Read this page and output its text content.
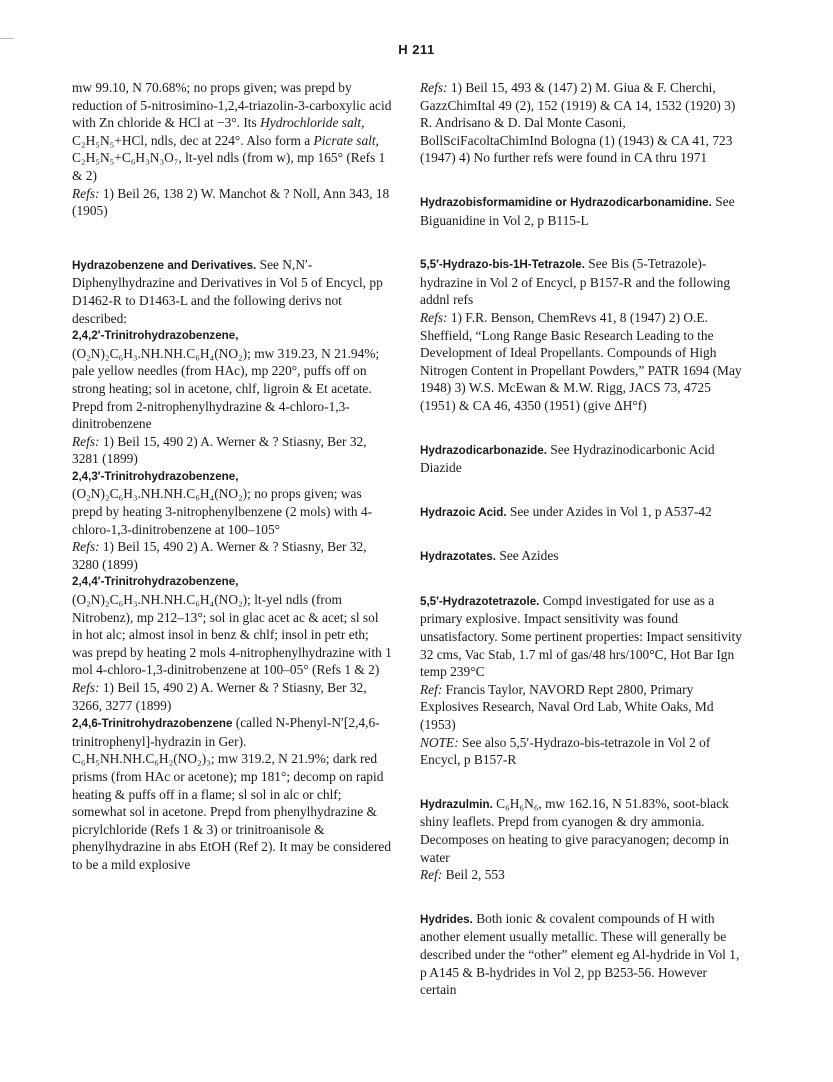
H 211

mw 99.10, N 70.68%; no props given; was prepd by reduction of 5-nitrosimino-1,2,4-triazolin-3-carboxylic acid with Zn chloride & HCl at −3°. Its Hydrochloride salt, C₂H₅N₅+HCl, ndls, dec at 224°. Also form a Picrate salt, C₂H₅N₅+C₆H₃N₃O₇, lt-yel ndls (from w), mp 165° (Refs 1 & 2)

Refs: 1) Beil 26, 138 2) W. Manchot & ? Noll, Ann 343, 18 (1905)

Hydrazobenzene and Derivatives. See N,N′-Diphenylhydrazine and Derivatives in Vol 5 of Encycl, pp D1462-R to D1463-L and the following derivs not described:

2,4,2′-Trinitrohydrazobenzene,

(O₂N)₂C₆H₃.NH.NH.C₆H₄(NO₂); mw 319.23, N 21.94%; pale yellow needles (from HAc), mp 220°, puffs off on strong heating; sol in acetone, chlf, ligroin & Et acetate. Prepd from 2-nitrophenylhydrazine & 4-chloro-1,3-dinitrobenzene

Refs: 1) Beil 15, 490 2) A. Werner & ? Stiasny, Ber 32, 3281 (1899)

2,4,3′-Trinitrohydrazobenzene,

(O₂N)₂C₆H₃.NH.NH.C₆H₄(NO₂); no props given; was prepd by heating 3-nitrophenylbenzene (2 mols) with 4-chloro-1,3-dinitrobenzene at 100–105°

Refs: 1) Beil 15, 490 2) A. Werner & ? Stiasny, Ber 32, 3280 (1899)

2,4,4′-Trinitrohydrazobenzene,

(O₂N)₂C₆H₃.NH.NH.C₆H₄(NO₂); lt-yel ndls (from Nitrobenz), mp 212–13°; sol in glac acet ac & acet; sl sol in hot alc; almost insol in benz & chlf; insol in petr eth; was prepd by heating 2 mols 4-nitrophenylhydrazine with 1 mol 4-chloro-1,3-dinitrobenzene at 100–05° (Refs 1 & 2)

Refs: 1) Beil 15, 490 2) A. Werner & ? Stiasny, Ber 32, 3266, 3277 (1899)

2,4,6-Trinitrohydrazobenzene (called N-Phenyl-N′[2,4,6-trinitrophenyl]-hydrazin in Ger). C₆H₅NH.NH.C₆H₂(NO₂)₃; mw 319.2, N 21.9%; dark red prisms (from HAc or acetone); mp 181°; decomp on rapid heating & puffs off in a flame; sl sol in alc or chlf; somewhat sol in acetone. Prepd from phenylhydrazine & picrylchloride (Refs 1 & 3) or trinitroanisole & phenylhydrazine in abs EtOH (Ref 2). It may be considered to be a mild explosive

Refs: 1) Beil 15, 493 & (147) 2) M. Giua & F. Cherchi, GazzChimItal 49 (2), 152 (1919) & CA 14, 1532 (1920) 3) R. Andrisano & D. Dal Monte Casoni, BollSciFacoltaChimInd Bologna (1) (1943) & CA 41, 723 (1947) 4) No further refs were found in CA thru 1971

Hydrazobisformamidine or Hydrazodicarbonamidine. See Biguanidine in Vol 2, p B115-L

5,5′-Hydrazo-bis-1H-Tetrazole. See Bis (5-Tetrazole)-hydrazine in Vol 2 of Encycl, p B157-R and the following addnl refs

Refs: 1) F.R. Benson, ChemRevs 41, 8 (1947) 2) O.E. Sheffield, “Long Range Basic Research Leading to the Development of Ideal Propellants. Compounds of High Nitrogen Content in Propellant Powders,” PATR 1694 (May 1948) 3) W.S. McEwan & M.W. Rigg, JACS 73, 4725 (1951) & CA 46, 4350 (1951) (give ΔH°f)

Hydrazodicarbonazide. See Hydrazinodicarbonic Acid Diazide

Hydrazoic Acid. See under Azides in Vol 1, p A537-42

Hydrazotates. See Azides

5,5′-Hydrazotetrazole. Compd investigated for use as a primary explosive. Impact sensitivity was found unsatisfactory. Some pertinent properties: Impact sensitivity 32 cms, Vac Stab, 1.7 ml of gas/48 hrs/100°C, Hot Bar Ign temp 239°C

Ref: Francis Taylor, NAVORD Rept 2800, Primary Explosives Research, Naval Ord Lab, White Oaks, Md (1953)

NOTE: See also 5,5′-Hydrazo-bis-tetrazole in Vol 2 of Encycl, p B157-R

Hydrazulmin. C₆H₆N₆, mw 162.16, N 51.83%, soot-black shiny leaflets. Prepd from cyanogen & dry ammonia. Decomposes on heating to give paracyanogen; decomp in water

Ref: Beil 2, 553

Hydrides. Both ionic & covalent compounds of H with another element usually metallic. These will generally be described under the “other” element eg Al-hydride in Vol 1, p A145 & B-hydrides in Vol 2, pp B253-56. However certain
